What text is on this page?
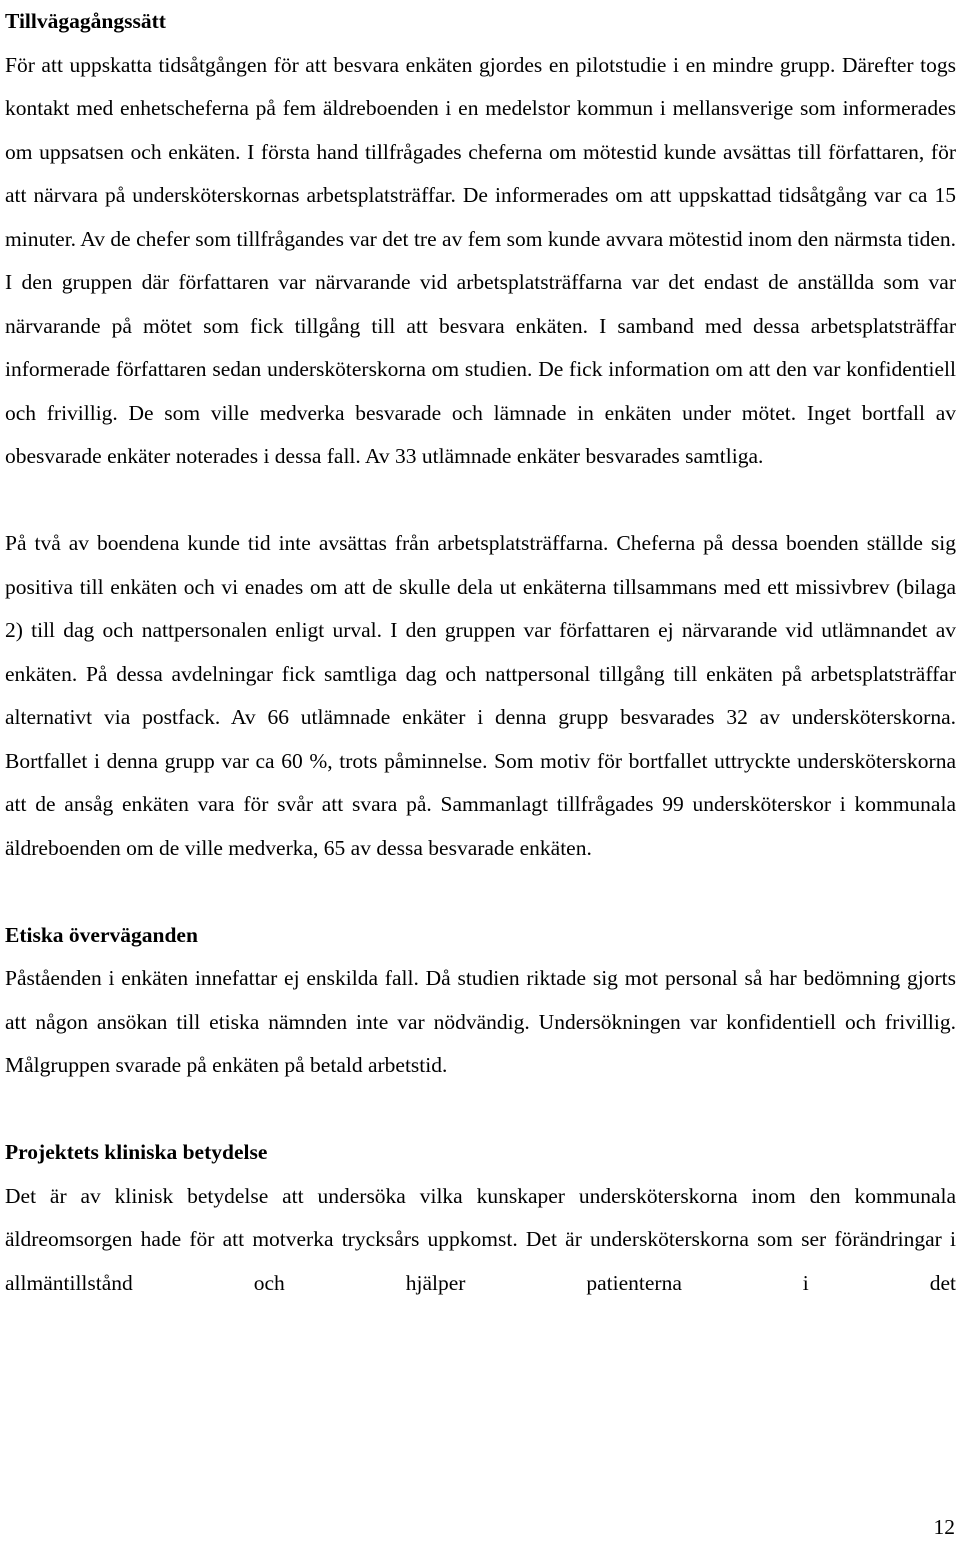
Tillvägagångssätt

För att uppskatta tidsåtgången för att besvara enkäten gjordes en pilotstudie i en mindre grupp. Därefter togs kontakt med enhetscheferna på fem äldreboenden i en medelstor kommun i mellansverige som informerades om uppsatsen och enkäten. I första hand tillfrågades cheferna om mötestid kunde avsättas till författaren, för att närvara på undersköterskornas arbetsplatsträffar. De informerades om att uppskattad tidsåtgång var ca 15 minuter. Av de chefer som tillfrågandes var det tre av fem som kunde avvara mötestid inom den närmsta tiden. I den gruppen där författaren var närvarande vid arbetsplatsträffarna var det endast de anställda som var närvarande på mötet som fick tillgång till att besvara enkäten. I samband med dessa arbetsplatsträffar informerade författaren sedan undersköterskorna om studien. De fick information om att den var konfidentiell och frivillig. De som ville medverka besvarade och lämnade in enkäten under mötet. Inget bortfall av obesvarade enkäter noterades i dessa fall. Av 33 utlämnade enkäter besvarades samtliga.

På två av boendena kunde tid inte avsättas från arbetsplatsträffarna. Cheferna på dessa boenden ställde sig positiva till enkäten och vi enades om att de skulle dela ut enkäterna tillsammans med ett missivbrev (bilaga 2) till dag och nattpersonalen enligt urval. I den gruppen var författaren ej närvarande vid utlämnandet av enkäten. På dessa avdelningar fick samtliga dag och nattpersonal tillgång till enkäten på arbetsplatsträffar alternativt via postfack. Av 66 utlämnade enkäter i denna grupp besvarades 32 av undersköterskorna. Bortfallet i denna grupp var ca 60 %, trots påminnelse. Som motiv för bortfallet uttryckte undersköterskorna att de ansåg enkäten vara för svår att svara på. Sammanlagt tillfrågades 99 undersköterskor i kommunala äldreboenden om de ville medverka, 65 av dessa besvarade enkäten.

Etiska överväganden

Påståenden i enkäten innefattar ej enskilda fall. Då studien riktade sig mot personal så har bedömning gjorts att någon ansökan till etiska nämnden inte var nödvändig. Undersökningen var konfidentiell och frivillig. Målgruppen svarade på enkäten på betald arbetstid.

Projektets kliniska betydelse

Det är av klinisk betydelse att undersöka vilka kunskaper undersköterskorna inom den kommunala äldreomsorgen hade för att motverka trycksårs uppkomst. Det är undersköterskorna som ser förändringar i allmäntillstånd och hjälper patienterna i det

12
